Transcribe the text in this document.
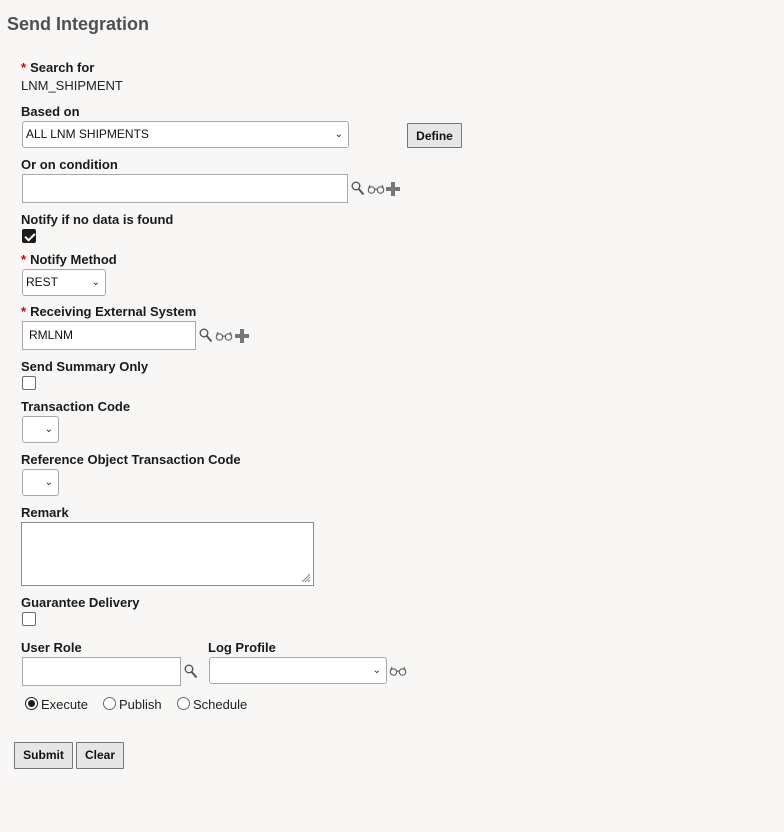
Send Integration
* Search for
LNM_SHIPMENT
Based on
ALL LNM SHIPMENTS	⌄	Define
Or on condition
Notify if no data is found
* Notify Method
REST	⌄
* Receiving External System
RMLNM
Send Summary Only
Transaction Code
⌄
Reference Object Transaction Code
⌄
Remark
Guarantee Delivery
User Role	Log Profile
⌄
Execute Publish Schedule
Submit	Clear
